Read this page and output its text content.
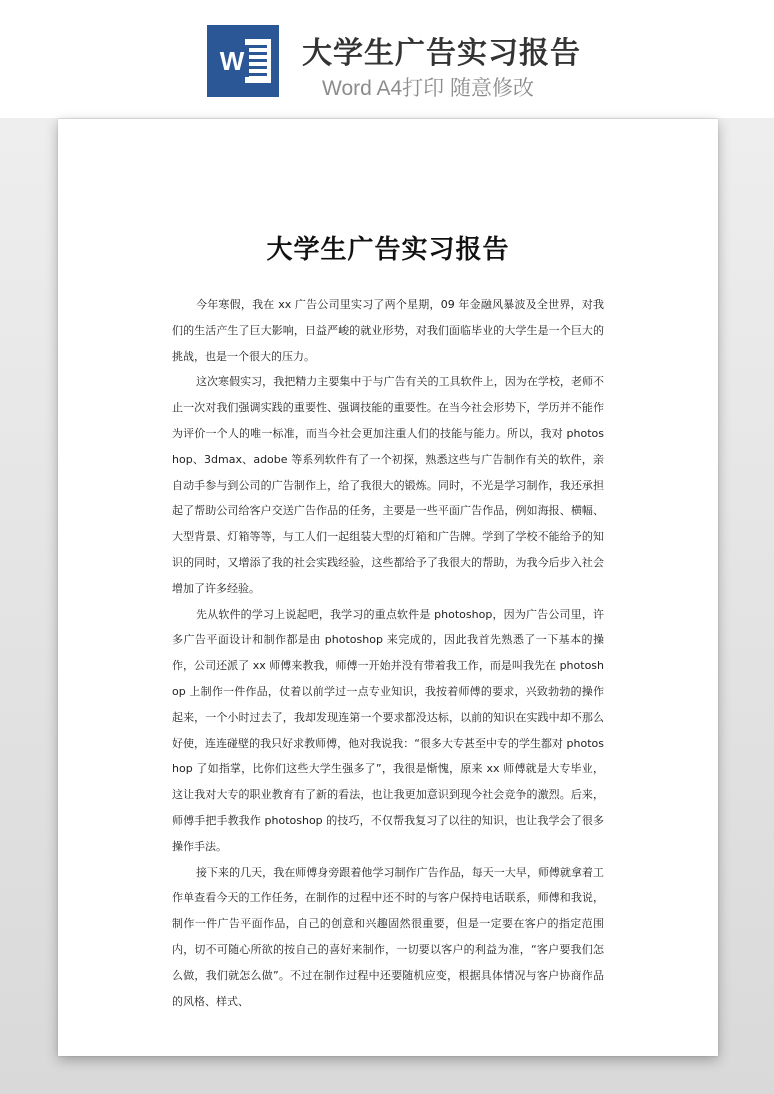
W 大学生广告实习报告
Word A4打印 随意修改

大学生广告实习报告

今年寒假，我在 xx 广告公司里实习了两个星期，09 年金融风暴波及全世界，对我们的生活产生了巨大影响，日益严峻的就业形势，对我们面临毕业的大学生是一个巨大的挑战，也是一个很大的压力。

这次寒假实习，我把精力主要集中于与广告有关的工具软件上，因为在学校，老师不止一次对我们强调实践的重要性、强调技能的重要性。在当今社会形势下，学历并不能作为评价一个人的唯一标准，而当今社会更加注重人们的技能与能力。所以，我对 photoshop、3dmax、adobe 等系列软件有了一个初探，熟悉这些与广告制作有关的软件，亲自动手参与到公司的广告制作上，给了我很大的锻炼。同时，不光是学习制作，我还承担起了帮助公司给客户交送广告作品的任务，主要是一些平面广告作品，例如海报、横幅、大型背景、灯箱等等，与工人们一起组装大型的灯箱和广告牌。学到了学校不能给予的知识的同时，又增添了我的社会实践经验，这些都给予了我很大的帮助，为我今后步入社会增加了许多经验。

先从软件的学习上说起吧，我学习的重点软件是 photoshop，因为广告公司里，许多广告平面设计和制作都是由 photoshop 来完成的，因此我首先熟悉了一下基本的操作，公司还派了 xx 师傅来教我，师傅一开始并没有带着我工作，而是叫我先在 photoshop 上制作一件作品，仗着以前学过一点专业知识，我按着师傅的要求，兴致勃勃的操作起来，一个小时过去了，我却发现连第一个要求都没达标，以前的知识在实践中却不那么好使，连连碰壁的我只好求教师傅，他对我说我：“很多大专甚至中专的学生都对 photoshop 了如指掌，比你们这些大学生强多了”，我很是惭愧，原来 xx 师傅就是大专毕业，这让我对大专的职业教育有了新的看法，也让我更加意识到现今社会竞争的激烈。后来，师傅手把手教我作 photoshop 的技巧，不仅帮我复习了以往的知识，也让我学会了很多操作手法。

接下来的几天，我在师傅身旁跟着他学习制作广告作品，每天一大早，师傅就拿着工作单查看今天的工作任务，在制作的过程中还不时的与客户保持电话联系，师傅和我说，制作一件广告平面作品，自己的创意和兴趣固然很重要，但是一定要在客户的指定范围内，切不可随心所欲的按自己的喜好来制作，一切要以客户的利益为准，“客户要我们怎么做，我们就怎么做”。不过在制作过程中还要随机应变，根据具体情况与客户协商作品的风格、样式、
